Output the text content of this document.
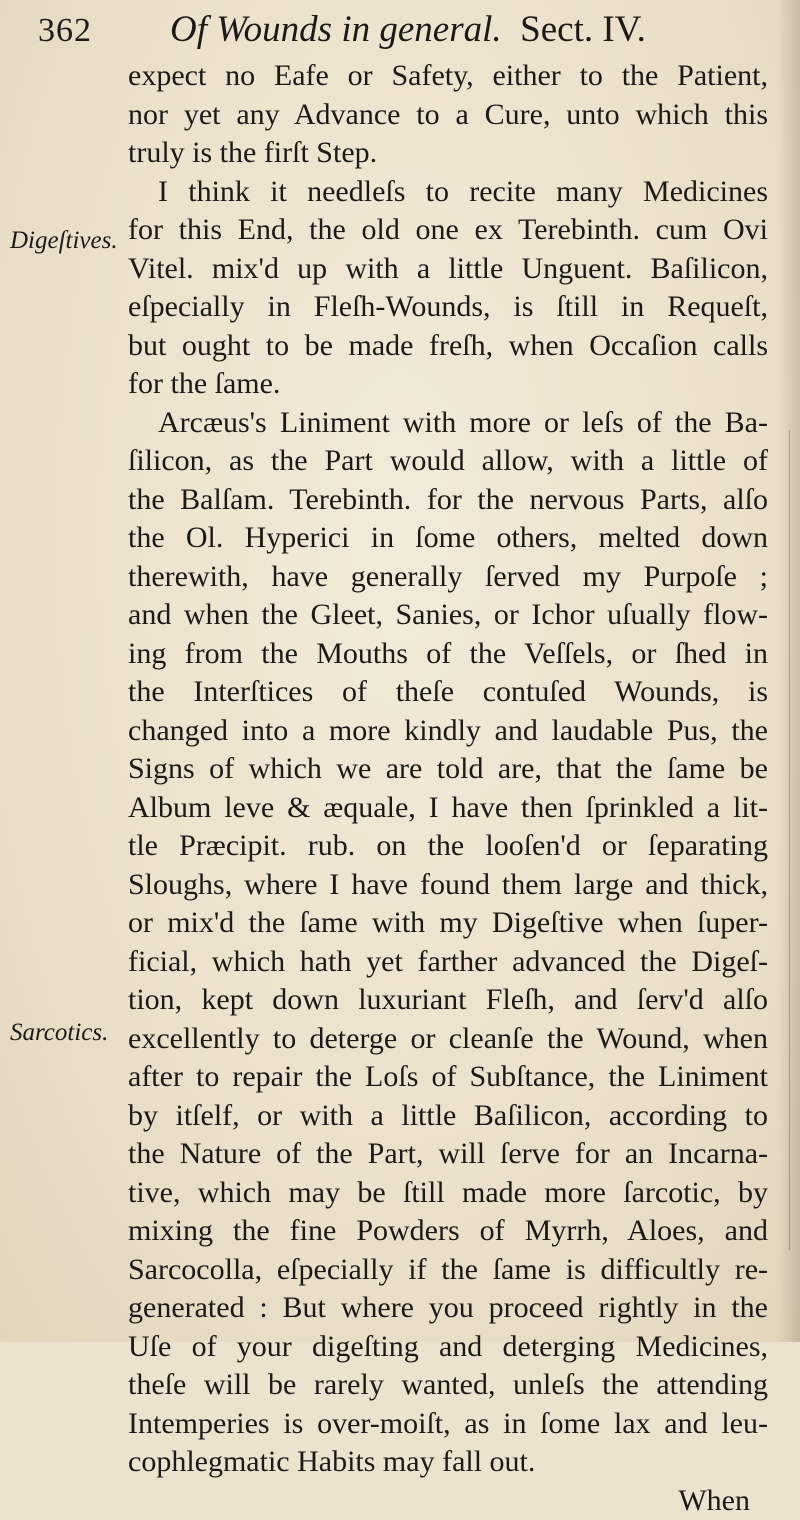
362 Of Wounds in general. Sect. IV.
Digeſtives.
Sarcotics.
expect no Eafe or Safety, either to the Patient,
nor yet any Advance to a Cure, unto which this
truly is the firſt Step.
I think it needleſs to recite many Medicines
for this End, the old one ex Terebinth. cum Ovi
Vitel. mix'd up with a little Unguent. Baſilicon,
eſpecially in Fleſh-Wounds, is ſtill in Requeſt,
but ought to be made freſh, when Occaſion calls
for the ſame.
Arcæus's Liniment with more or leſs of the Ba-
ſilicon, as the Part would allow, with a little of
the Balſam. Terebinth. for the nervous Parts, alſo
the Ol. Hyperici in ſome others, melted down
therewith, have generally ſerved my Purpoſe ;
and when the Gleet, Sanies, or Ichor uſually flow-
ing from the Mouths of the Veſſels, or ſhed in
the Interſtices of theſe contuſed Wounds, is
changed into a more kindly and laudable Pus, the
Signs of which we are told are, that the ſame be
Album leve & æquale, I have then ſprinkled a lit-
tle Præcipit. rub. on the looſen'd or ſeparating
Sloughs, where I have found them large and thick,
or mix'd the ſame with my Digeſtive when ſuper-
ficial, which hath yet farther advanced the Digeſ-
tion, kept down luxuriant Fleſh, and ſerv'd alſo
excellently to deterge or cleanſe the Wound, when
after to repair the Loſs of Subſtance, the Liniment
by itſelf, or with a little Baſilicon, according to
the Nature of the Part, will ſerve for an Incarna-
tive, which may be ſtill made more ſarcotic, by
mixing the fine Powders of Myrrh, Aloes, and
Sarcocolla, eſpecially if the ſame is difficultly re-
generated : But where you proceed rightly in the
Uſe of your digeſting and deterging Medicines,
theſe will be rarely wanted, unleſs the attending
Intemperies is over-moiſt, as in ſome lax and leu-
cophlegmatic Habits may fall out.
When
